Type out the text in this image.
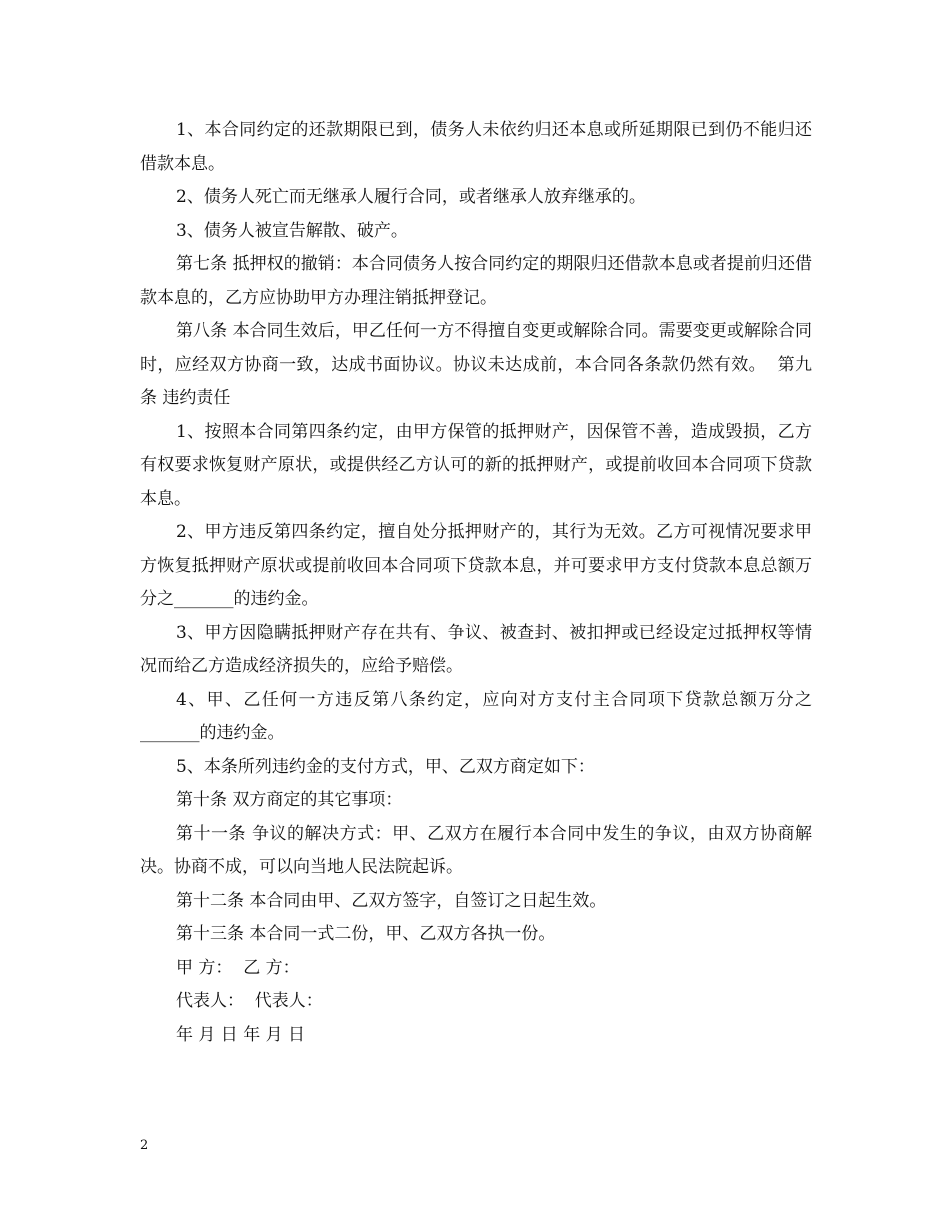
1、本合同约定的还款期限已到，债务人未依约归还本息或所延期限已到仍不能归还借款本息。

2、债务人死亡而无继承人履行合同，或者继承人放弃继承的。

3、债务人被宣告解散、破产。

第七条 抵押权的撤销：本合同债务人按合同约定的期限归还借款本息或者提前归还借款本息的，乙方应协助甲方办理注销抵押登记。

第八条 本合同生效后，甲乙任何一方不得擅自变更或解除合同。需要变更或解除合同时，应经双方协商一致，达成书面协议。协议未达成前，本合同各条款仍然有效。  第九条 违约责任

1、按照本合同第四条约定，由甲方保管的抵押财产，因保管不善，造成毁损，乙方有权要求恢复财产原状，或提供经乙方认可的新的抵押财产，或提前收回本合同项下贷款本息。

2、甲方违反第四条约定，擅自处分抵押财产的，其行为无效。乙方可视情况要求甲方恢复抵押财产原状或提前收回本合同项下贷款本息，并可要求甲方支付贷款本息总额万分之_______的违约金。

3、甲方因隐瞒抵押财产存在共有、争议、被查封、被扣押或已经设定过抵押权等情况而给乙方造成经济损失的，应给予赔偿。

4、甲、乙任何一方违反第八条约定，应向对方支付主合同项下贷款总额万分之_______的违约金。

5、本条所列违约金的支付方式，甲、乙双方商定如下：

第十条 双方商定的其它事项：

第十一条 争议的解决方式：甲、乙双方在履行本合同中发生的争议，由双方协商解决。协商不成，可以向当地人民法院起诉。

第十二条 本合同由甲、乙双方签字，自签订之日起生效。

第十三条 本合同一式二份，甲、乙双方各执一份。

甲 方：  乙 方：

代表人：  代表人：

年 月 日 年 月 日

2
